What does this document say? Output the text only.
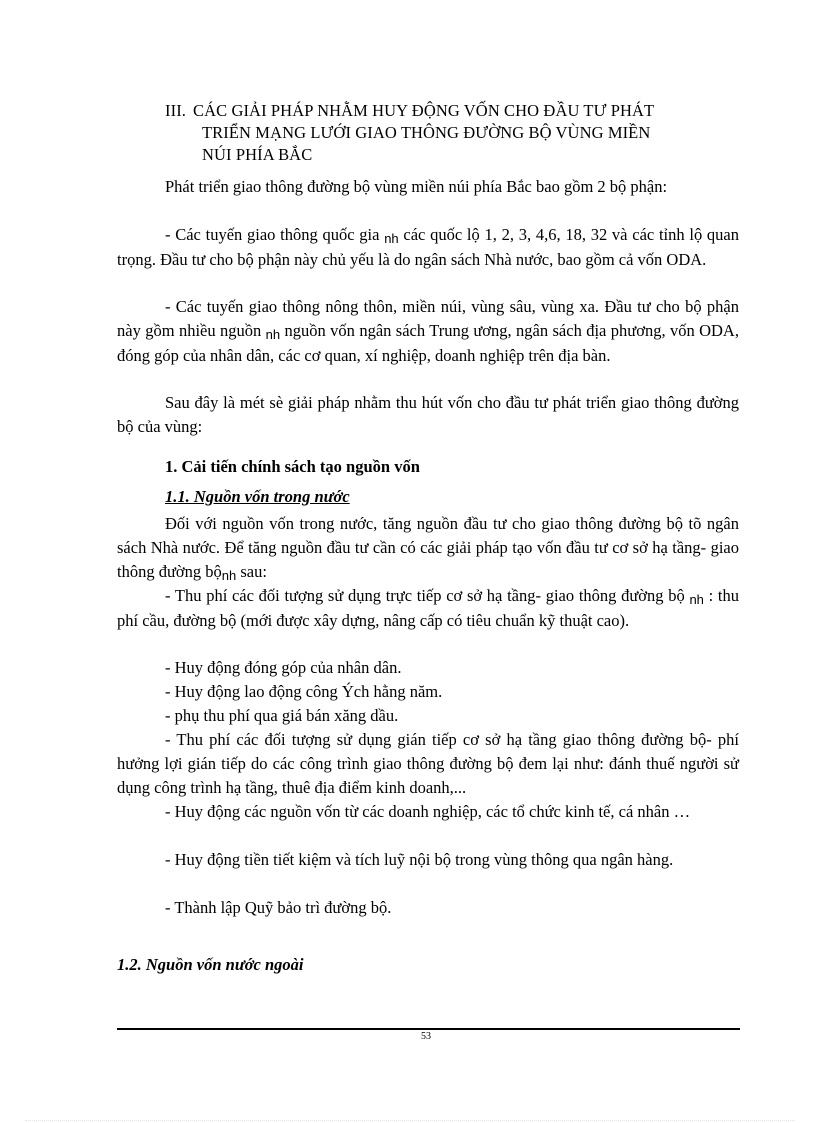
III. CÁC GIẢI PHÁP NHẰM HUY ĐỘNG VỐN CHO ĐẦU TƯ PHÁT
TRIỂN MẠNG LƯỚI GIAO THÔNG ĐƯỜNG BỘ VÙNG MIỀN
NÚI PHÍA BẮC

Phát triển giao thông đường bộ vùng miền núi phía Bắc bao gồm 2 bộ phận:

- Các tuyến giao thông quốc gia nh các quốc lộ 1, 2, 3, 4,6, 18, 32 và các tỉnh lộ quan trọng. Đầu tư cho bộ phận này chủ yếu là do ngân sách Nhà nước, bao gồm cả vốn ODA.

- Các tuyến giao thông nông thôn, miền núi, vùng sâu, vùng xa. Đầu tư cho bộ phận này gồm nhiều nguồn nh nguồn vốn ngân sách Trung ương, ngân sách địa phương, vốn ODA, đóng góp của nhân dân, các cơ quan, xí nghiệp, doanh nghiệp trên địa bàn.

Sau đây là mét sè giải pháp nhằm thu hút vốn cho đầu tư phát triển giao thông đường bộ của vùng:

1. Cải tiến chính sách tạo nguồn vốn
1.1. Nguồn vốn trong nước

Đối với nguồn vốn trong nước, tăng nguồn đầu tư cho giao thông đường bộ tõ ngân sách Nhà nước. Để tăng nguồn đầu tư cần có các giải pháp tạo vốn đầu tư cơ sở hạ tầng- giao thông đường bộnh sau:

- Thu phí các đối tượng sử dụng trực tiếp cơ sở hạ tầng- giao thông đường bộ nh : thu phí cầu, đường bộ (mới được xây dựng, nâng cấp có tiêu chuẩn kỹ thuật cao).

- Huy động đóng góp của nhân dân.

- Huy động lao động công Ých hằng năm.

- phụ thu phí qua giá bán xăng dầu.

- Thu phí các đối tượng sử dụng gián tiếp cơ sở hạ tầng giao thông đường bộ- phí hưởng lợi gián tiếp do các công trình giao thông đường bộ đem lại như: đánh thuế người sử dụng công trình hạ tầng, thuê địa điểm kinh doanh,...

- Huy động các nguồn vốn từ các doanh nghiệp, các tổ chức kinh tế, cá nhân …

- Huy động tiền tiết kiệm và tích luỹ nội bộ trong vùng thông qua ngân hàng.

- Thành lập Quỹ bảo trì đường bộ.

1.2. Nguồn vốn nước ngoài
53
